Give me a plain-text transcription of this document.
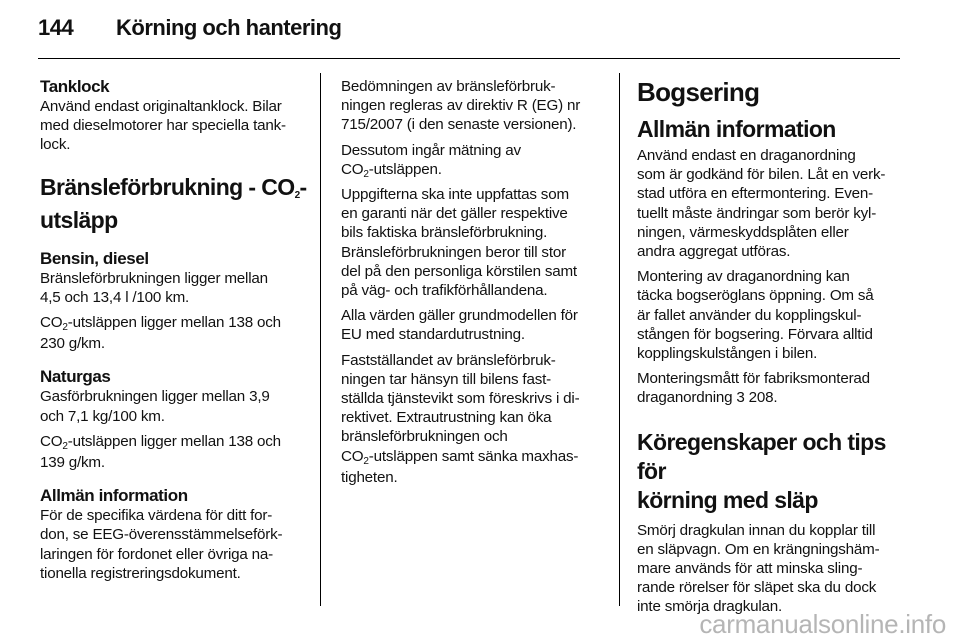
144 Körning och hantering
Tanklock
Använd endast originaltanklock. Bilar
med dieselmotorer har speciella tank-
lock.
Bränsleförbrukning - $CO_2-$
utsläpp
Bensin, diesel
Bränsleförbrukningen ligger mellan
4,5 och 13,4 l /100 km.
$CO_2$-utsläppen ligger mellan 138 och
230 g/km.
Naturgas
Gasförbrukningen ligger mellan 3,9
och 7,1 kg/100 km.
$CO_2$-utsläppen ligger mellan 138 och
139 g/km.
Allmän information
För de specifika värdena för ditt for-
don, se EEG-överensstämmelseförk-
laringen för fordonet eller övriga na-
tionella registreringsdokument.
Bedömningen av bränsleförbruk-
ningen regleras av direktiv R (EG) nr
715/2007 (i den senaste versionen).
Dessutom ingår mätning av
$CO_2$-utsläppen.
Uppgifterna ska inte uppfattas som
en garanti när det gäller respektive
bils faktiska bränsleförbrukning.
Bränsleförbrukningen beror till stor
del på den personliga körstilen samt
på väg- och trafikförhållandena.
Alla värden gäller grundmodellen för
EU med standardutrustning.
Fastställandet av bränsleförbruk-
ningen tar hänsyn till bilens fast-
ställda tjänstevikt som föreskrivs i di-
rektivet. Extrautrustning kan öka
bränsleförbrukningen och
$CO_2$-utsläppen samt sänka maxhas-
tigheten.
Bogsering
Allmän information
Använd endast en draganordning
som är godkänd för bilen. Låt en verk-
stad utföra en eftermontering. Even-
tuellt måste ändringar som berör kyl-
ningen, värmeskyddsplåten eller
andra aggregat utföras.
Montering av draganordning kan
täcka bogseröglans öppning. Om så
är fallet använder du kopplingskul-
stången för bogsering. Förvara alltid
kopplingskulstången i bilen.
Monteringsmått för fabriksmonterad
draganordning 3 208.
Köregenskaper och tips för
körning med släp
Smörj dragkulan innan du kopplar till
en släpvagn. Om en krängningshäm-
mare används för att minska sling-
rande rörelser för släpet ska du dock
inte smörja dragkulan.
carmanualsonline.info
